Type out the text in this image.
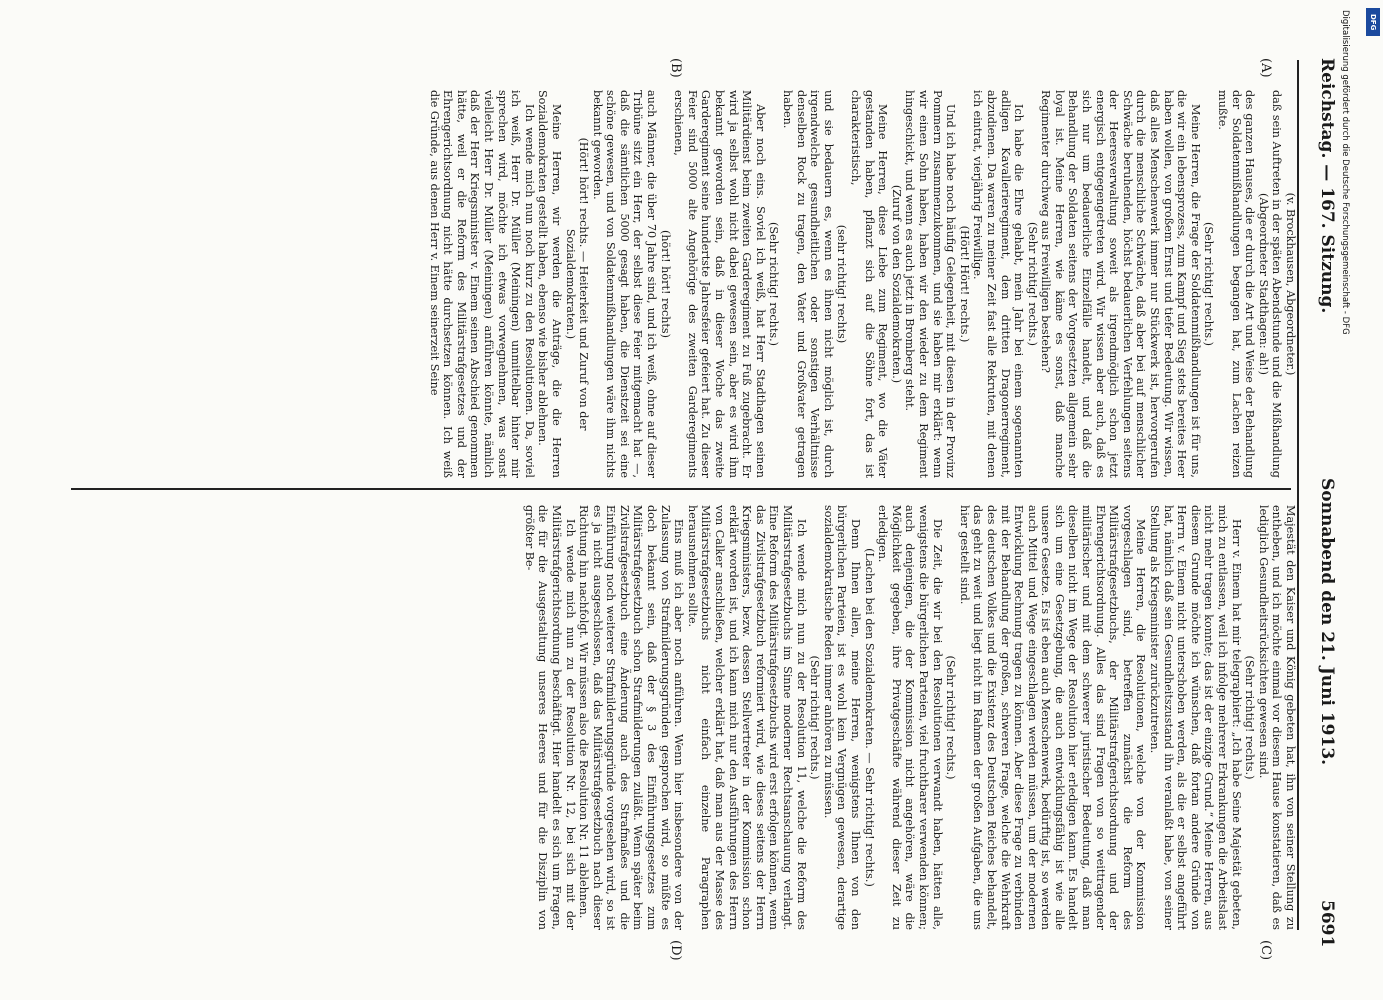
Reichstag. — 167. Sitzung.
Sonnabend den 21. Juni 1913.
5691
(A)
(B)
(C)
(D)

(v. Brockhausen, Abgeordneter.)

daß sein Auftreten in der späten Abendstunde und die Mißhandlung

(Abgeordneter Stadthagen: ah!)

des ganzen Hauses, die er durch die Art und Weise der Behandlung der Soldatenmißhandlungen begangen hat, zum Lachen reizen mußte.

(Sehr richtig! rechts.)

Meine Herren, die Frage der Soldatenmißhandlungen ist für uns, die wir ein lebensprozess, zum Kampf und Sieg stets bereites Heer haben wollen, von großem Ernst und tiefer Bedeutung. Wir wissen, daß alles Menschenwerk immer nur Stückwerk ist, hervorgerufen durch die menschliche Schwäche, daß aber bei auf menschlicher Schwäche beruhenden, höchst bedauerlichen Verfehlungen seitens der Heeresverwaltung soweit als irgendmöglich schon jetzt energisch entgegengetreten wird. Wir wissen aber auch, daß es sich nur um bedauerliche Einzelfälle handelt, und daß die Behandlung der Soldaten seitens der Vorgesetzten allgemein sehr loyal ist. Meine Herren, wie käme es sonst, daß manche Regimenter durchweg aus Freiwilligen bestehen?

(Sehr richtig! rechts.)

Ich habe die Ehre gehabt, mein Jahr bei einem sogenannten adligen Kavallerieregiment, dem dritten Dragonerregiment, abzudienen. Da waren zu meiner Zeit fast alle Rekruten, mit denen ich eintrat, vierjährig Freiwillige.

(Hört! Hört! rechts.)

Und ich habe noch häufig Gelegenheit, mit diesen in der Provinz Pommern zusammenzukommen, und sie haben mir erklärt: wenn wir einen Sohn haben, haben wir den wieder zu dem Regiment hingeschickt, und wenn es auch jetzt in Bromberg steht.

(Zuruf von den Sozialdemokraten.)

Meine Herren, diese Liebe zum Regiment, wo die Väter gestanden haben, pflanzt sich auf die Söhne fort, das ist charakteristisch,

(sehr richtig! rechts)

und sie bedauern es, wenn es ihnen nicht möglich ist, durch irgendwelche gesundheitlichen oder sonstigen Verhältnisse denselben Rock zu tragen, den Vater und Großvater getragen haben.

(Sehr richtig! rechts.)

Aber noch eins. Soviel ich weiß, hat Herr Stadthagen seinen Militärdienst beim zweiten Garderegiment zu Fuß zugebracht. Er wird ja selbst wohl nicht dabei gewesen sein, aber es wird ihm bekannt geworden sein, daß in dieser Woche das zweite Garderegiment seine hundertste Jahresfeier gefeiert hat. Zu dieser Feier sind 5000 alte Angehörige des zweiten Garderegiments erschienen,

(hört! hört! rechts)

auch Männer, die über 70 Jahre sind, und ich weiß, ohne auf dieser Tribüne sitzt ein Herr, der selbst diese Feier mitgemacht hat —, daß die sämtlichen 5000 gesagt haben, die Dienstzeit sei eine schöne gewesen, und von Soldatenmißhandlungen wäre ihm nichts bekannt geworden.

(Hört! hört! rechts. — Heiterkeit und Zuruf von der Sozialdemokraten.)

Meine Herren, wir werden die Anträge, die die Herren Sozialdemokraten gestellt haben, ebenso wie bisher ablehnen.

Ich wende mich nun noch kurz zu den Resolutionen. Da, soviel ich weiß, Herr Dr. Müller (Meiningen) unmittelbar hinter mir sprechen wird, möchte ich etwas vorwegnehmen, was sonst vielleicht Herr Dr. Müller (Meiningen) anführen könnte, nämlich daß der Herr Kriegsminister v. Einem seinen Abschied genommen hätte, weil er die Reform des Militärstrafgesetzes und der Ehrengerichtsordnung nicht hätte durchsetzen können. Ich weiß die Gründe, aus denen Herr v. Einem seinerzeit Seine

Majestät den Kaiser und König gebeten hat, ihn von seiner Stellung zu entheben, und ich möchte einmal vor diesem Hause konstatieren, daß es lediglich Gesundheitsrücksichten gewesen sind.

(Sehr richtig! rechts.)

Herr v. Einem hat mir telegraphiert: „Ich habe Seine Majestät gebeten, mich zu entlassen, weil ich infolge mehrerer Erkrankungen die Arbeitslast nicht mehr tragen konnte; das ist der einzige Grund.“ Meine Herren, aus diesem Grunde möchte ich wünschen, daß fortan andere Gründe von Herrn v. Einem nicht unterschoben werden, als die er selbst angeführt hat, nämlich daß sein Gesundheitszustand ihn veranlaßt habe, von seiner Stellung als Kriegsminister zurückzutreten.

Meine Herren, die Resolutionen, welche von der Kommission vorgeschlagen sind, betreffen zunächst die Reform des Militärstrafgesetzbuchs, der Militärstrafgerichtsordnung und der Ehrengerichtsordnung. Alles das sind Fragen von so weittragender militärischer und mit dem schwerer juristischer Bedeutung, daß man dieselben nicht im Wege der Resolution hier erledigen kann. Es handelt sich um eine Gesetzgebung, die auch entwicklungsfähig ist wie alle unsere Gesetze. Es ist eben auch Menschenwerk, bedürftig ist, so werden auch Mittel und Wege eingeschlagen werden müssen, um der modernen Entwicklung Rechnung tragen zu können. Aber diese Frage zu verbinden mit der Behandlung der großen, schweren Frage, welche die Wehrkraft des deutschen Volkes und die Existenz des Deutschen Reiches behandelt, das geht zu weit und liegt nicht im Rahmen der großen Aufgaben, die uns hier gestellt sind.

(Sehr richtig! rechts.)

Die Zeit, die wir bei den Resolutionen verwandt haben, hätten alle, wenigstens die bürgerlichen Parteien, viel fruchtbarer verwenden können; auch denjenigen, die der Kommission nicht angehören, wäre die Möglichkeit gegeben, ihre Privatgeschäfte während dieser Zeit zu erledigen.

(Lachen bei den Sozialdemokraten. — Sehr richtig! rechts.)

Denn Ihnen allen, meine Herren, wenigstens Ihnen von den bürgerlichen Parteien, ist es wohl kein Vergnügen gewesen, derartige sozialdemokratische Reden immer anhören zu müssen.

(Sehr richtig! rechts.)

Ich wende mich nun zu der Resolution 11, welche die Reform des Militärstrafgesetzbuchs im Sinne moderner Rechtsanschauung verlangt. Eine Reform des Militärstrafgesetzbuchs wird erst erfolgen können, wenn das Zivilstrafgesetzbuch reformiert wird, wie dieses seitens der Herrn Kriegsministers, bezw. dessen Stellvertreter in der Kommission schon erklärt worden ist, und ich kann mich nur den Ausführungen des Herrn von Calker anschließen, welcher erklärt hat, daß man aus der Masse des Militärstrafgesetzbuchs nicht einfach einzelne Paragraphen herausnehmen sollte.

Eins muß ich aber noch anführen. Wenn hier insbesondere von der Zulassung von Strafmilderungsgründen gesprochen wird, so müßte es doch bekannt sein, daß der § 3 des Einführungsgesetzes zum Militärstrafgesetzbuch schon Strafmilderungen zuläßt. Wenn später beim Zivilstrafgesetzbuch eine Änderung auch des Strafmaßes und die Einführung noch weiterer Strafmilderungsgründe vorgesehen wird, so ist es ja nicht ausgeschlossen, daß das Militärstrafgesetzbuch nach dieser Richtung hin nachfolgt. Wir müssen also die Resolution Nr. 11 ablehnen.

Ich wende mich nun zu der Resolution Nr. 12, bei sich mit der Militärstrafgerichtsordnung beschäftigt. Hier handelt es sich um Fragen, die für die Ausgestaltung unseres Heeres und für die Disziplin von größter Be-

Digitalisierung gefördert durch die Deutsche Forschungsgemeinschaft - DFG	DFG
